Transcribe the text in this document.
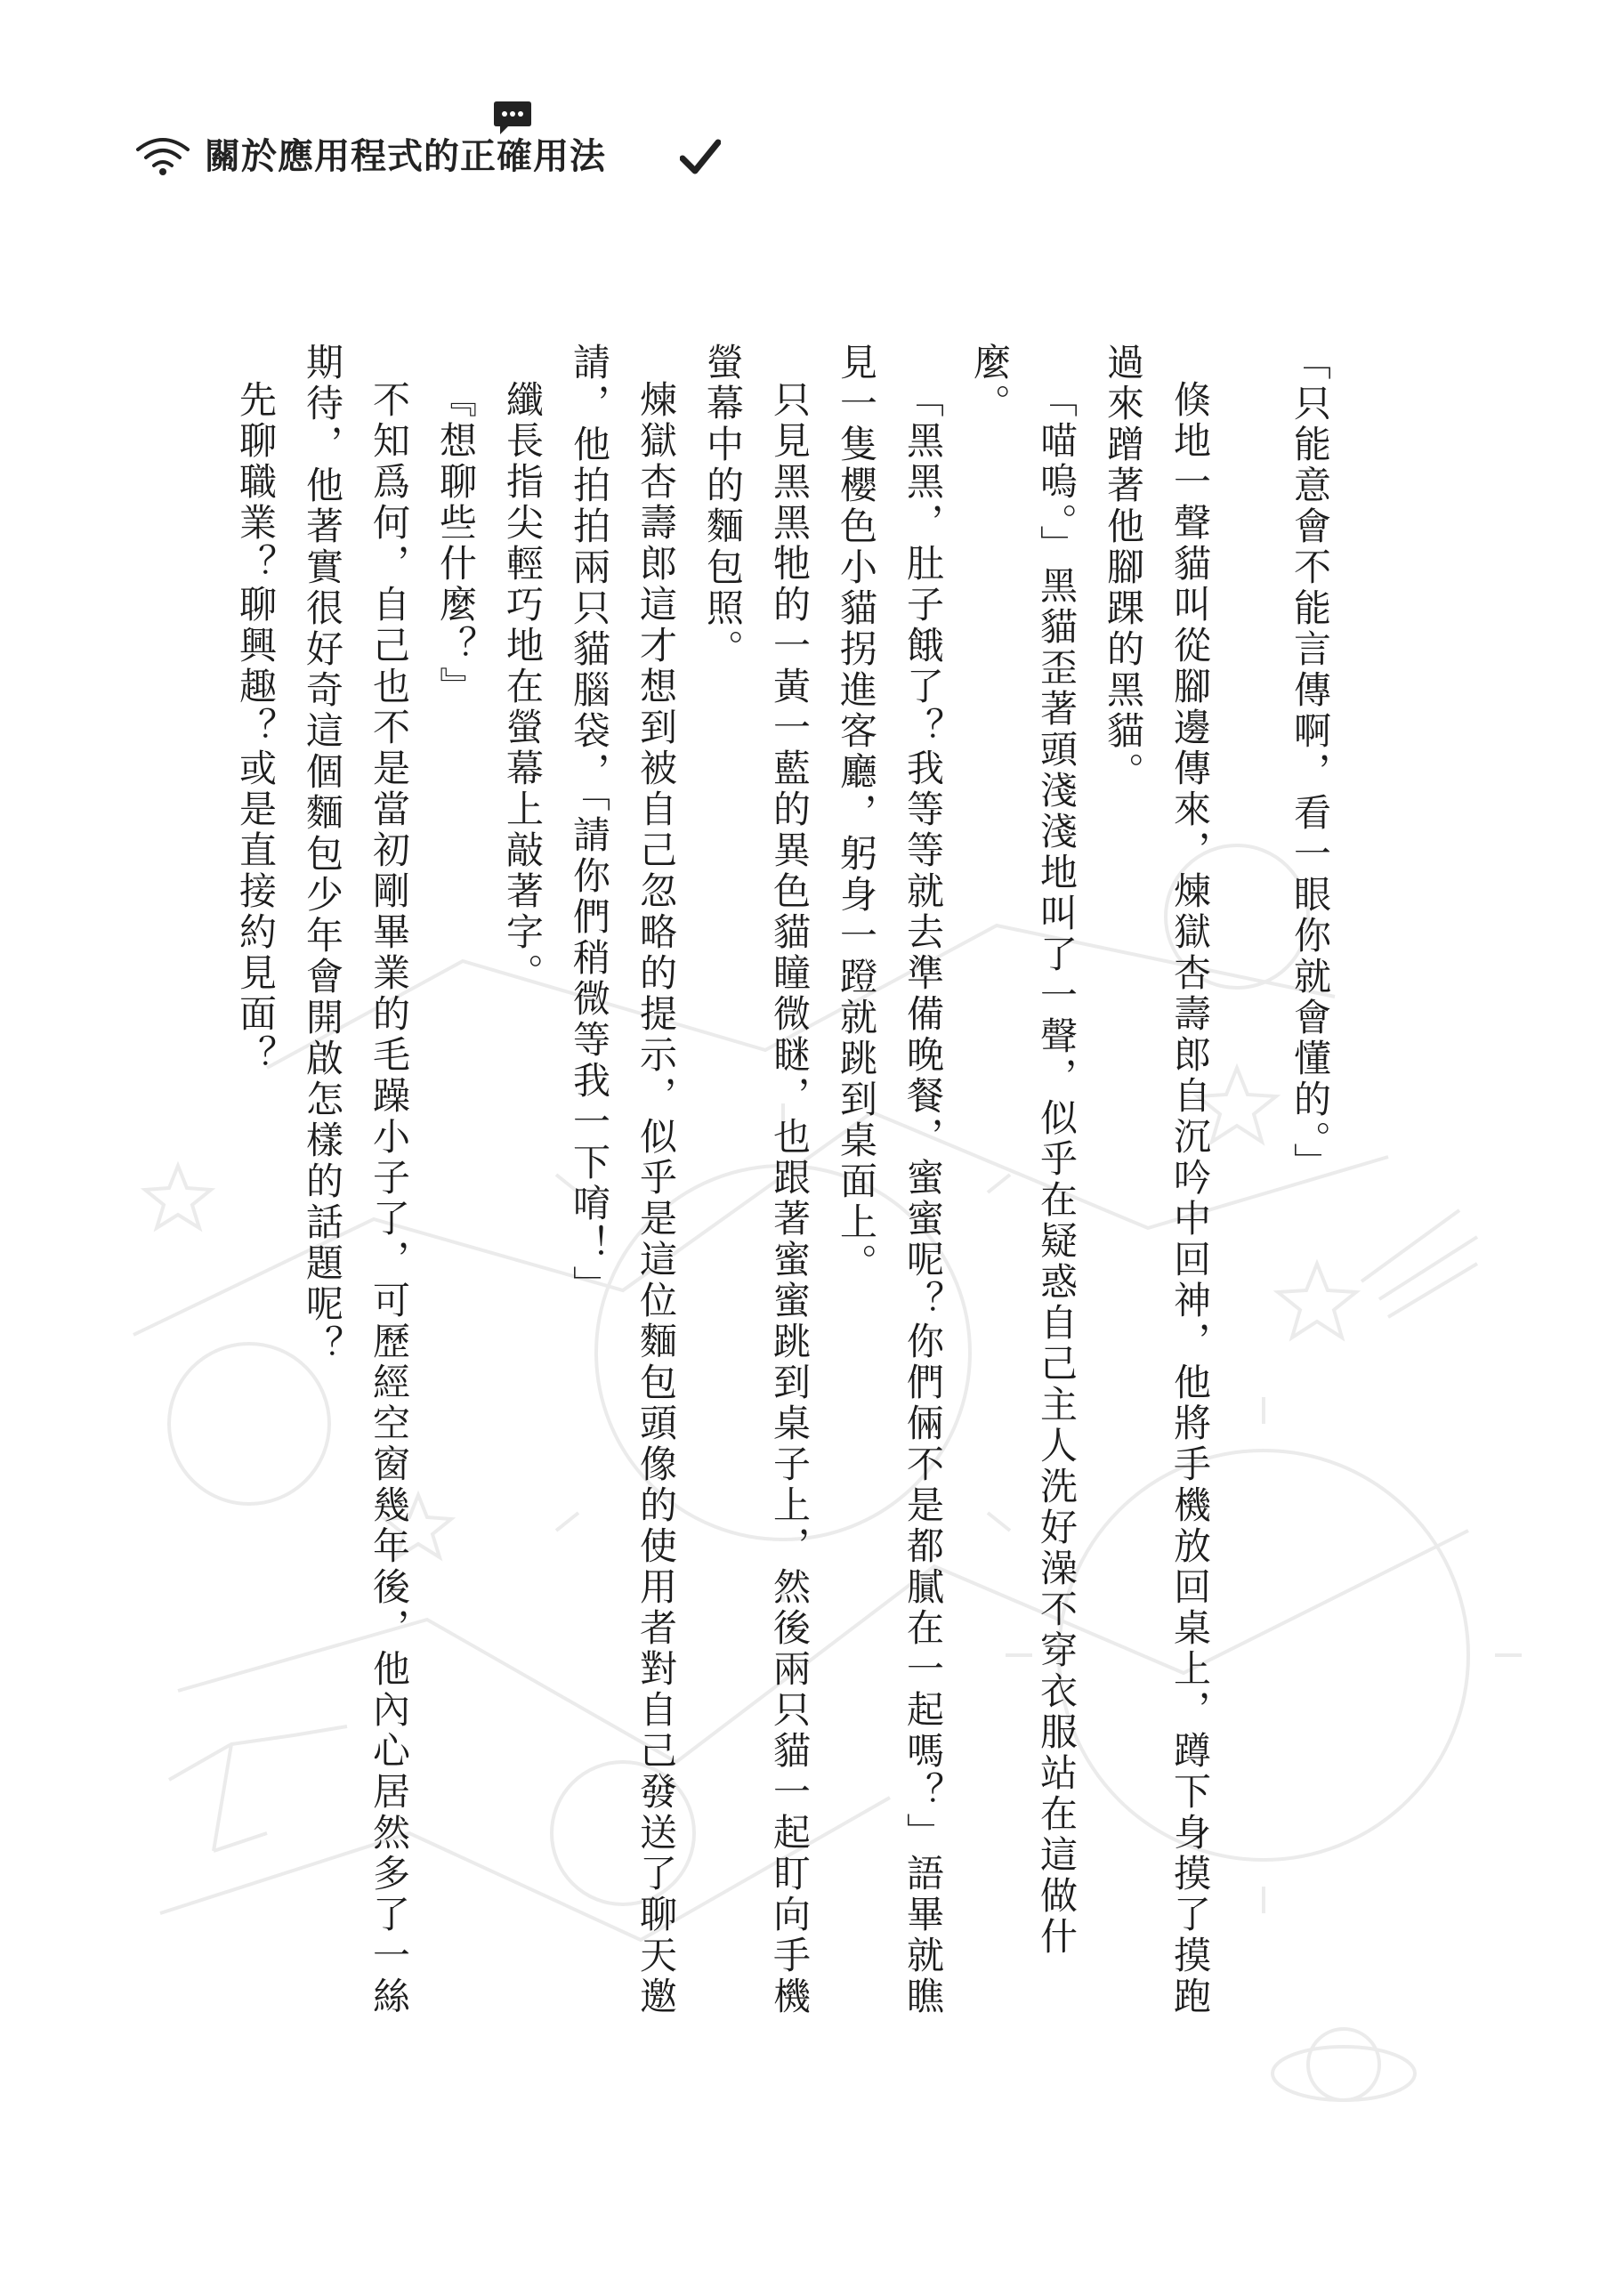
關於應用程式的正確用法

「只能意會不能言傳啊，看一眼你就會懂的。」

倏地一聲貓叫從腳邊傳來，煉獄杏壽郎自沉吟中回神，他將手機放回桌上，蹲下身摸了摸跑過來蹭著他腳踝的黑貓。

「喵嗚。」黑貓歪著頭淺淺地叫了一聲，似乎在疑惑自己主人洗好澡不穿衣服站在這做什麼。

「黑黑，肚子餓了？我等等就去準備晚餐，蜜蜜呢？你們倆不是都膩在一起嗎？」語畢就瞧見一隻櫻色小貓拐進客廳，躬身一蹬就跳到桌面上。

只見黑黑牠的一黃一藍的異色貓瞳微瞇，也跟著蜜蜜跳到桌子上，然後兩只貓一起盯向手機螢幕中的麵包照。

煉獄杏壽郎這才想到被自己忽略的提示，似乎是這位麵包頭像的使用者對自己發送了聊天邀請，他拍拍兩只貓腦袋，「請你們稍微等我一下唷！」

纖長指尖輕巧地在螢幕上敲著字。

『想聊些什麼？』

不知爲何，自己也不是當初剛畢業的毛躁小子了，可歷經空窗幾年後，他內心居然多了一絲期待，他著實很好奇這個麵包少年會開啟怎樣的話題呢？

先聊職業？聊興趣？或是直接約見面？
